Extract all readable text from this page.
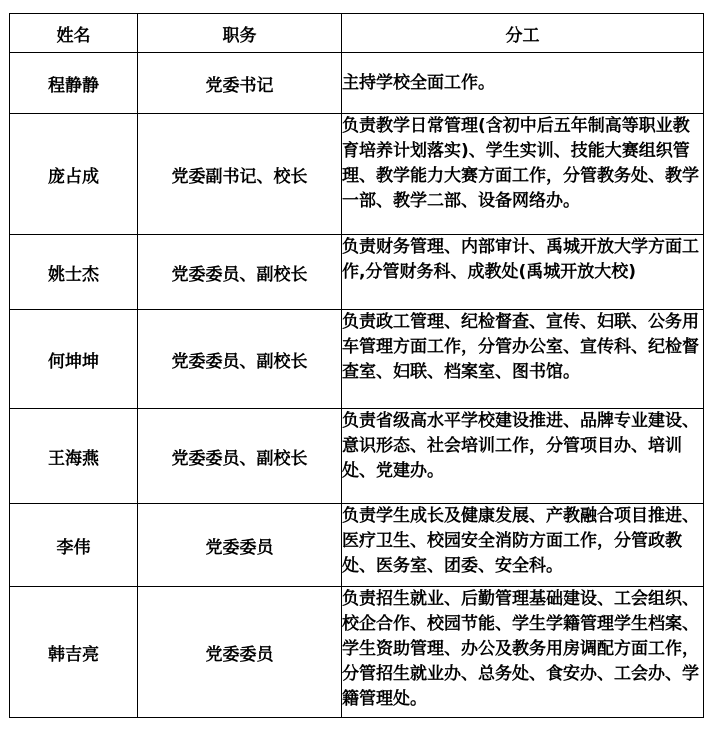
姓名	职务	分工
程静静	党委书记	主持学校全面工作。
庞占成	党委副书记、校长	负责教学日常管理(含初中后五年制高等职业教育培养计划落实)、学生实训、技能大赛组织管理、教学能力大赛方面工作，分管教务处、教学一部、教学二部、设备网络办。
姚士杰	党委委员、副校长	负责财务管理、内部审计、禹城开放大学方面工作,分管财务科、成教处(禹城开放大校)
何坤坤	党委委员、副校长	负责政工管理、纪检督查、宣传、妇联、公务用车管理方面工作，分管办公室、宣传科、纪检督查室、妇联、档案室、图书馆。
王海燕	党委委员、副校长	负责省级高水平学校建设推进、品牌专业建设、意识形态、社会培训工作，分管项目办、培训处、党建办。
李伟	党委委员	负责学生成长及健康发展、产教融合项目推进、医疗卫生、校园安全消防方面工作，分管政教处、医务室、团委、安全科。
韩吉亮	党委委员	负责招生就业、后勤管理基础建设、工会组织、校企合作、校园节能、学生学籍管理学生档案、学生资助管理、办公及教务用房调配方面工作，分管招生就业办、总务处、食安办、工会办、学籍管理处。
